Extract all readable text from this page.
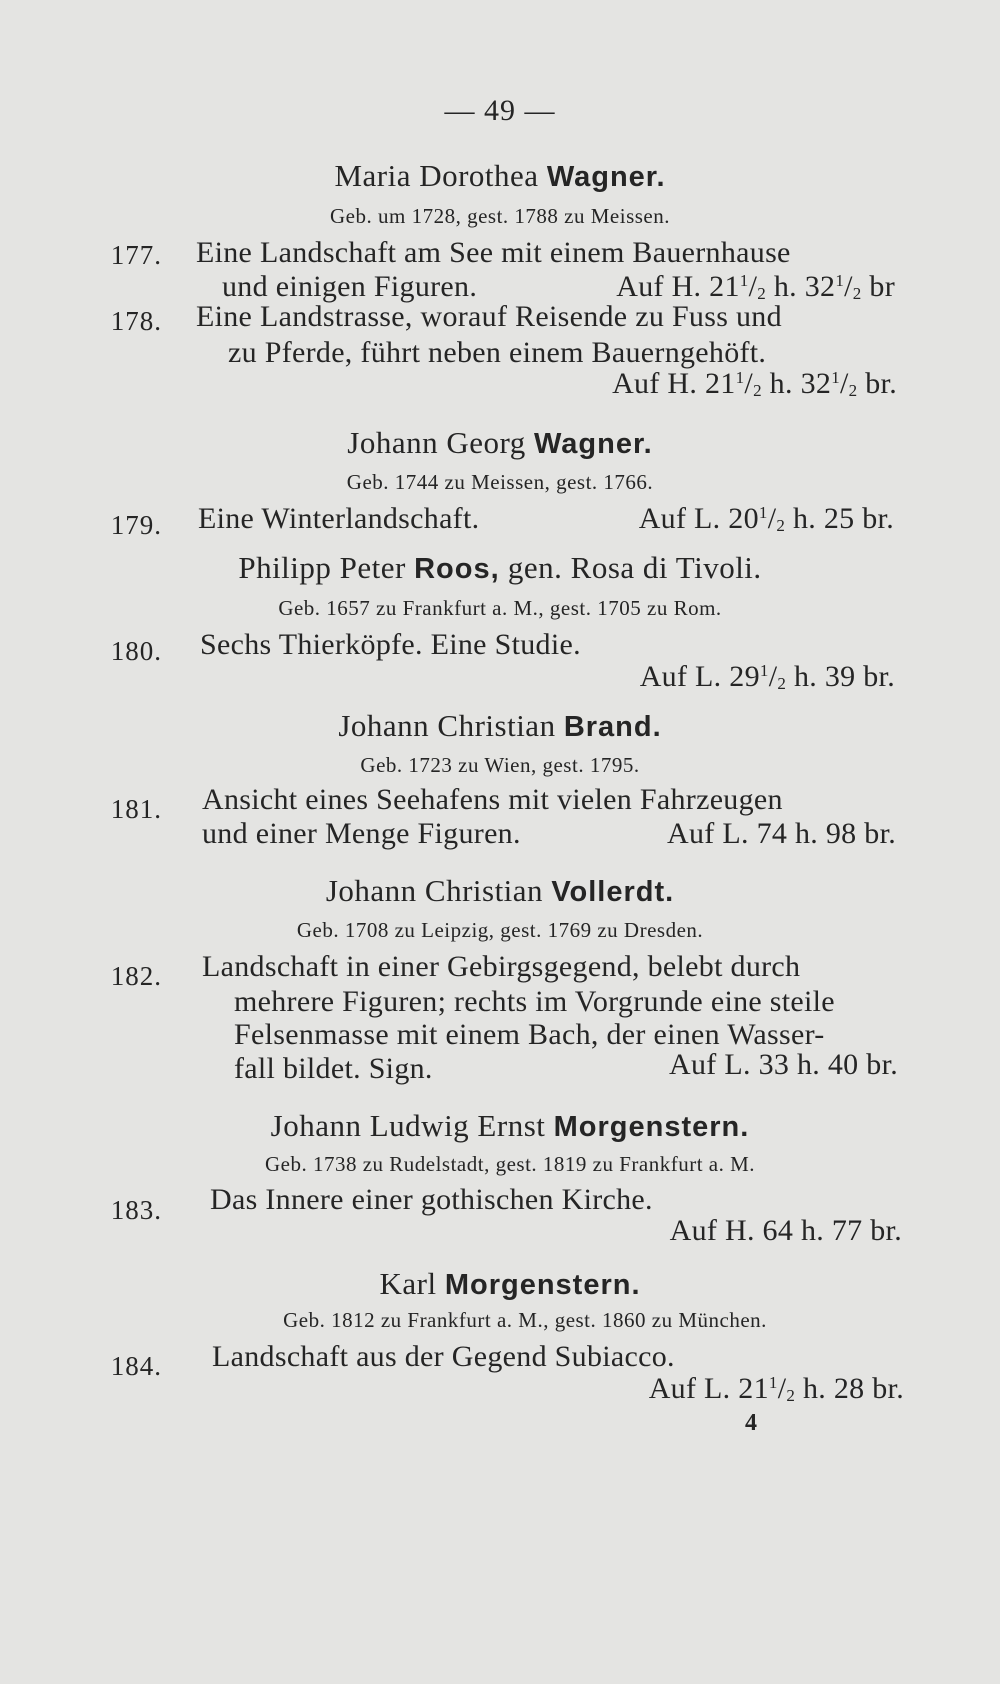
— 49 —
Maria Dorothea Wagner.
Geb. um 1728, gest. 1788 zu Meissen.
177. Eine Landschaft am See mit einem Bauernhause
und einigen Figuren.	Auf H. $21^1/_2$ h. $32^1/_2$ br
178. Eine Landstrasse, worauf Reisende zu Fuss und
zu Pferde, führt neben einem Bauerngehöft.
Auf H. $21^1/_2$ h. $32^1/_2$ br.
Johann Georg Wagner.
Geb. 1744 zu Meissen, gest. 1766.
179. Eine Winterlandschaft.	Auf L. $20^1/_2$ h. 25 br.
Philipp Peter Roos, gen. Rosa di Tivoli.
Geb. 1657 zu Frankfurt a. M., gest. 1705 zu Rom.
180. Sechs Thierköpfe. Eine Studie.
Auf L. $29^1/_2$ h. 39 br.
Johann Christian Brand.
Geb. 1723 zu Wien, gest. 1795.
181. Ansicht eines Seehafens mit vielen Fahrzeugen
und einer Menge Figuren.	Auf L. 74 h. 98 br.
Johann Christian Vollerdt.
Geb. 1708 zu Leipzig, gest. 1769 zu Dresden.
182. Landschaft in einer Gebirgsgegend, belebt durch
mehrere Figuren; rechts im Vorgrunde eine steile
Felsenmasse mit einem Bach, der einen Wasser-
fall bildet. Sign.	Auf L. 33 h. 40 br.
Johann Ludwig Ernst Morgenstern.
Geb. 1738 zu Rudelstadt, gest. 1819 zu Frankfurt a. M.
183. Das Innere einer gothischen Kirche.
Auf H. 64 h. 77 br.
Karl Morgenstern.
Geb. 1812 zu Frankfurt a. M., gest. 1860 zu München.
184. Landschaft aus der Gegend Subiacco.
Auf L. $21^1/_2$ h. 28 br.
4
